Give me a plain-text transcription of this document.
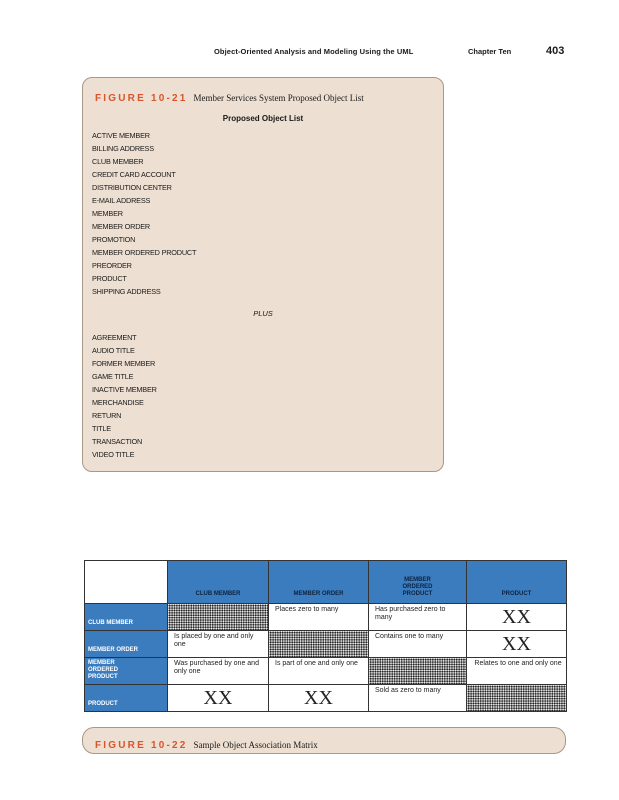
Object-Oriented Analysis and Modeling Using the UML	Chapter Ten	403
FIGURE 10-21 Member Services System Proposed Object List
Proposed Object List
ACTIVE MEMBER
BILLING ADDRESS
CLUB MEMBER
CREDIT CARD ACCOUNT
DISTRIBUTION CENTER
E-MAIL ADDRESS
MEMBER
MEMBER ORDER
PROMOTION
MEMBER ORDERED PRODUCT
PREORDER
PRODUCT
SHIPPING ADDRESS
PLUS
AGREEMENT
AUDIO TITLE
FORMER MEMBER
GAME TITLE
INACTIVE MEMBER
MERCHANDISE
RETURN
TITLE
TRANSACTION
VIDEO TITLE
	CLUB MEMBER	MEMBER ORDER	MEMBER ORDERED PRODUCT	PRODUCT
CLUB MEMBER		Places zero to many	Has purchased zero to many	XX
MEMBER ORDER	Is placed by one and only one		Contains one to many	XX
MEMBER ORDERED PRODUCT	Was purchased by one and only one	Is part of one and only one		Relates to one and only one
PRODUCT	XX	XX	Sold as zero to many	
FIGURE 10-22 Sample Object Association Matrix
